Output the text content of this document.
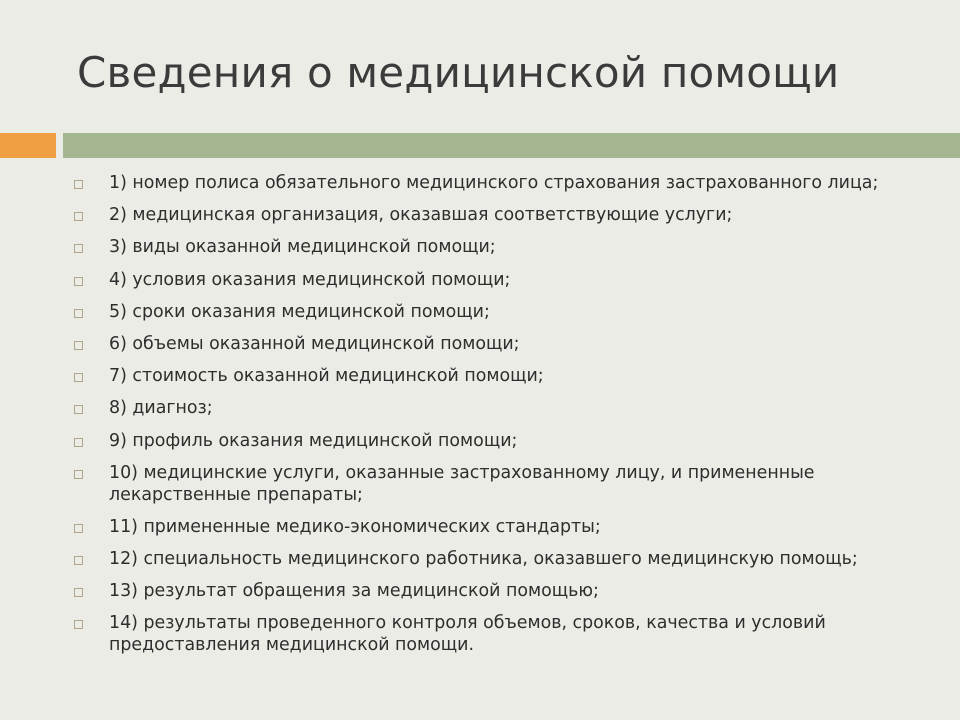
Сведения о медицинской помощи
1) номер полиса обязательного медицинского страхования застрахованного лица;
2) медицинская организация, оказавшая соответствующие услуги;
3) виды оказанной медицинской помощи;
4) условия оказания медицинской помощи;
5) сроки оказания медицинской помощи;
6) объемы оказанной медицинской помощи;
7) стоимость оказанной медицинской помощи;
8) диагноз;
9) профиль оказания медицинской помощи;
10) медицинские услуги, оказанные застрахованному лицу, и примененные лекарственные препараты;
11) примененные медико-экономических стандарты;
12) специальность медицинского работника, оказавшего медицинскую помощь;
13) результат обращения за медицинской помощью;
14) результаты проведенного контроля объемов, сроков, качества и условий предоставления медицинской помощи.
